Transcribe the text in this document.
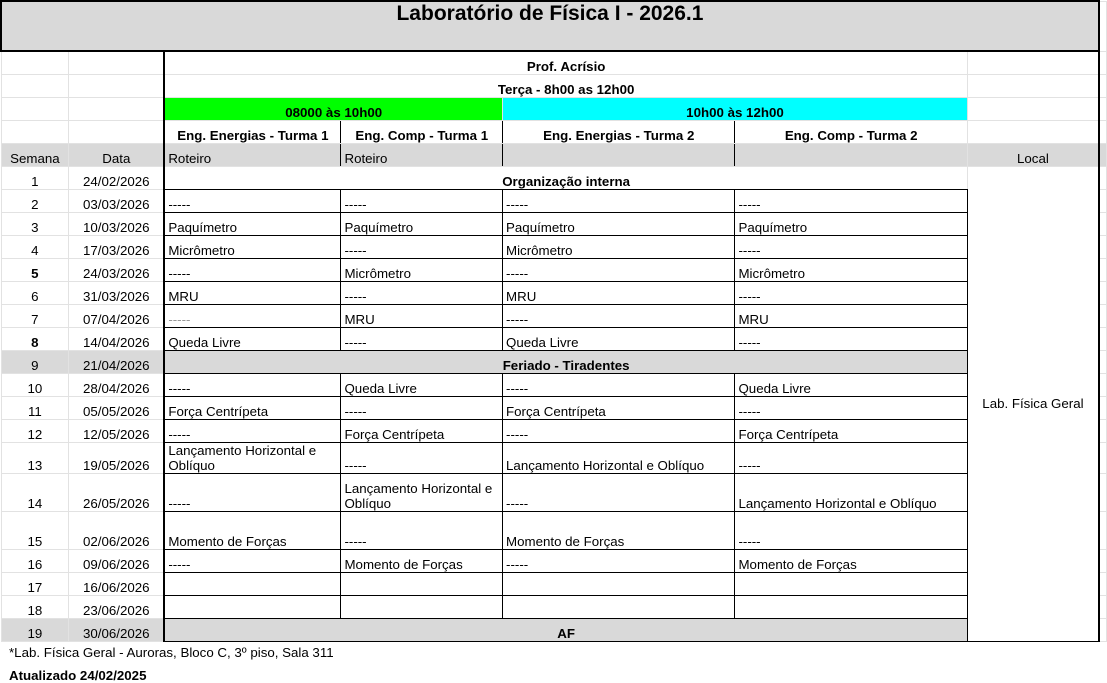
Laboratório de Física I - 2026.1							
		Prof. Acrísio					
		Terça - 8h00 as 12h00					
		08000 às 10h00		10h00 às 12h00			
		Eng. Energias - Turma 1	Eng. Comp - Turma 1	Eng. Energias - Turma 2	Eng. Comp - Turma 2		
Semana	Data	Roteiro	Roteiro			Local	
1	24/02/2026	Organização interna				Lab. Física Geral	
2	03/03/2026	-----	-----	-----	-----		
3	10/03/2026	Paquímetro	Paquímetro	Paquímetro	Paquímetro		
4	17/03/2026	Micrômetro	-----	Micrômetro	-----		
5	24/03/2026	-----	Micrômetro	-----	Micrômetro		
6	31/03/2026	MRU	-----	MRU	-----		
7	07/04/2026	-----	MRU	-----	MRU		
8	14/04/2026	Queda Livre	-----	Queda Livre	-----		
9	21/04/2026	Feriado - Tiradentes					
10	28/04/2026	-----	Queda Livre	-----	Queda Livre		
11	05/05/2026	Força Centrípeta	-----	Força Centrípeta	-----		
12	12/05/2026	-----	Força Centrípeta	-----	Força Centrípeta		
13	19/05/2026	Lançamento Horizontal e Oblíquo	-----	Lançamento Horizontal e Oblíquo	-----		
14	26/05/2026	-----	Lançamento Horizontal e Oblíquo	-----	Lançamento Horizontal e Oblíquo		
15	02/06/2026	Momento de Forças	-----	Momento de Forças	-----		
16	09/06/2026	-----	Momento de Forças	-----	Momento de Forças		
17	16/06/2026						
18	23/06/2026						
19	30/06/2026	AF					
*Lab. Física Geral - Auroras, Bloco C, 3º piso, Sala 311
Atualizado 24/02/2025
